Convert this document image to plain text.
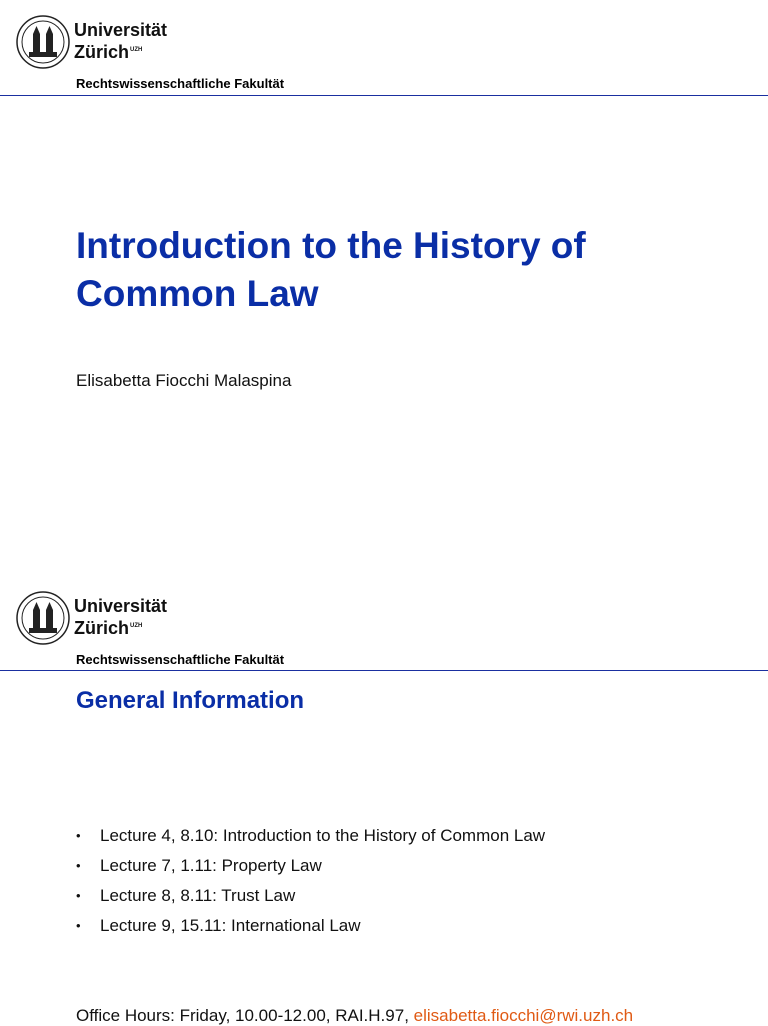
Universität
Zürich$^{UZH}$
Rechtswissenschaftliche Fakultät
Introduction to the History of Common Law
Elisabetta Fiocchi Malaspina
Universität
Zürich$^{UZH}$
Rechtswissenschaftliche Fakultät
General Information
• Lecture 4, 8.10: Introduction to the History of Common Law
• Lecture 7, 1.11: Property Law
• Lecture 8, 8.11: Trust Law
• Lecture 9, 15.11: International Law
Office Hours: Friday, 10.00-12.00, RAI.H.97, elisabetta.fiocchi@rwi.uzh.ch
